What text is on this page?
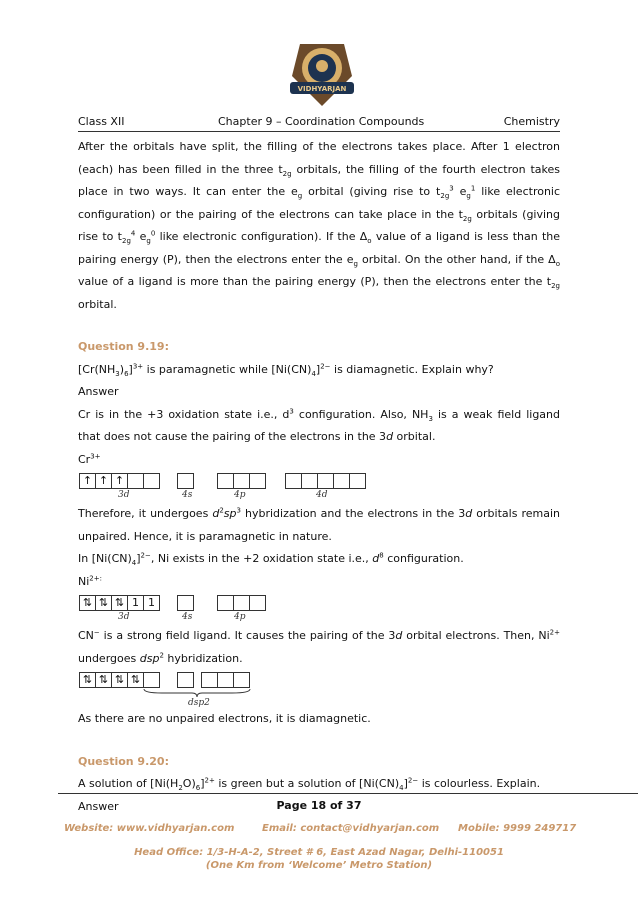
VIDHYARJAN
Class XII	Chapter 9 – Coordination Compounds	Chemistry
After the orbitals have split, the filling of the electrons takes place. After 1 electron (each) has been filled in the three $t_{2g}$ orbitals, the filling of the fourth electron takes place in two ways. It can enter the $e_g$ orbital (giving rise to $t_{2g}^3$ $e_g^1$ like electronic configuration) or the pairing of the electrons can take place in the $t_{2g}$ orbitals (giving rise to $t_{2g}^4$ $e_g^0$ like electronic configuration). If the $\Delta_o$ value of a ligand is less than the pairing energy (P), then the electrons enter the $e_g$ orbital. On the other hand, if the $\Delta_o$ value of a ligand is more than the pairing energy (P), then the electrons enter the $t_{2g}$ orbital.
Question 9.19:
$[Cr(NH_3)_6]^{3+}$ is paramagnetic while $[Ni(CN)_4]^{2-}$ is diamagnetic. Explain why?
Answer
Cr is in the +3 oxidation state i.e., $d^3$ configuration. Also, $NH_3$ is a weak field ligand that does not cause the pairing of the electrons in the 3d orbital.
$Cr^{3+}$
↑ ↑ ↑
3d	4s	4p	4d
Therefore, it undergoes $d^2sp^3$ hybridization and the electrons in the 3d orbitals remain unpaired. Hence, it is paramagnetic in nature.
In $[Ni(CN)_4]^{2-}$, Ni exists in the +2 oxidation state i.e., $d^8$ configuration.
$Ni^{2+:}$
⇅ ⇅ ⇅ 1 1
3d	4s	4p
CN− is a strong field ligand. It causes the pairing of the 3d orbital electrons. Then, $Ni^{2+}$ undergoes dsp$^2$ hybridization.
⇅ ⇅ ⇅ ⇅
dsp2
As there are no unpaired electrons, it is diamagnetic.
Question 9.20:
A solution of $[Ni(H_2O)_6]^{2+}$ is green but a solution of $[Ni(CN)_4]^{2-}$ is colourless. Explain.
Answer	Page 18 of 37
Website: www.vidhyarjan.com	Email: contact@vidhyarjan.com Mobile: 9999 249717
Head Office: 1/3-H-A-2, Street # 6, East Azad Nagar, Delhi-110051
(One Km from ‘Welcome’ Metro Station)
